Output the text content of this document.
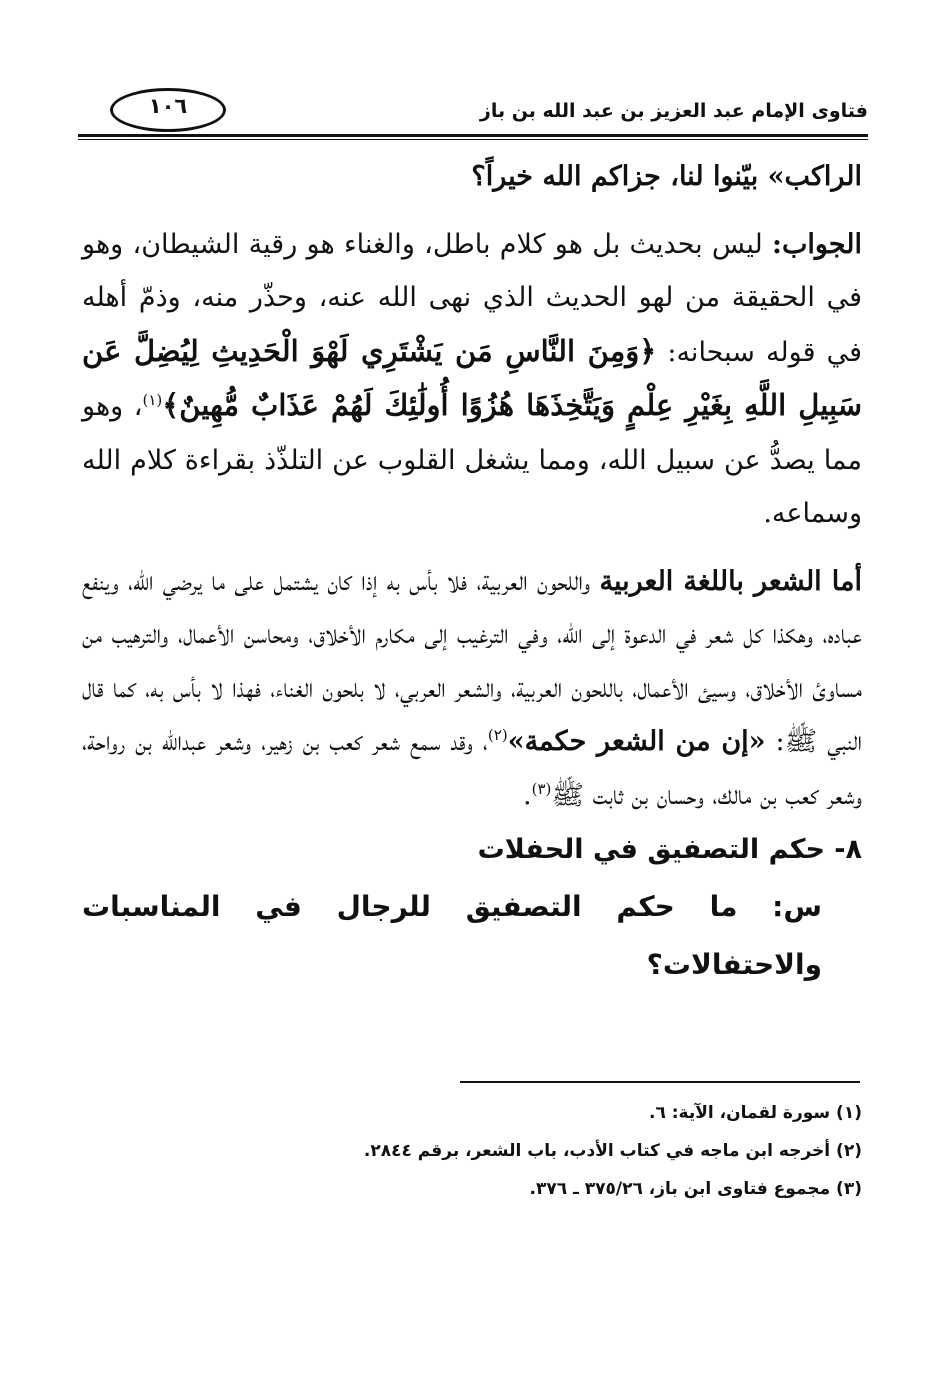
فتاوى الإمام عبد العزيز بن عبد الله بن باز
١٠٦

الراكب» بيّنوا لنا، جزاكم الله خيراً؟

الجواب: ليس بحديث بل هو كلام باطل، والغناء هو رقية الشيطان، وهو في الحقيقة من لهو الحديث الذي نهى الله عنه، وحذّر منه، وذمّ أهله في قوله سبحانه: ﴿وَمِنَ النَّاسِ مَن يَشْتَرِي لَهْوَ الْحَدِيثِ لِيُضِلَّ عَن سَبِيلِ اللَّهِ بِغَيْرِ عِلْمٍ وَيَتَّخِذَهَا هُزُوًا أُولَٰئِكَ لَهُمْ عَذَابٌ مُّهِينٌ﴾$^{(١)}$، وهو مما يصدُّ عن سبيل الله، ومما يشغل القلوب عن التلذّذ بقراءة كلام الله وسماعه.

أما الشعر باللغة العربية واللحون العربية، فلا بأس به إذا كان يشتمل على ما يرضي الله، وينفع عباده، وهكذا كل شعر في الدعوة إلى الله، وفي الترغيب إلى مكارم الأخلاق، ومحاسن الأعمال، والترهيب من مساوئ الأخلاق، وسيئ الأعمال، باللحون العربية، والشعر العربي، لا بلحون الغناء، فهذا لا بأس به، كما قال النبي ﷺ: «إن من الشعر حكمة»$^{(٢)}$، وقد سمع شعر كعب بن زهير، وشعر عبدالله بن رواحة، وشعر كعب بن مالك، وحسان بن ثابت ﷺ$^{(٣)}$.

٨- حكم التصفيق في الحفلات
س: ما حكم التصفيق للرجال في المناسبات والاحتفالات؟
(١) سورة لقمان، الآية: ٦.
(٢) أخرجه ابن ماجه في كتاب الأدب، باب الشعر، برقم ٢٨٤٤.
(٣) مجموع فتاوى ابن باز، ٣٧٥/٢٦ ـ ٣٧٦.
